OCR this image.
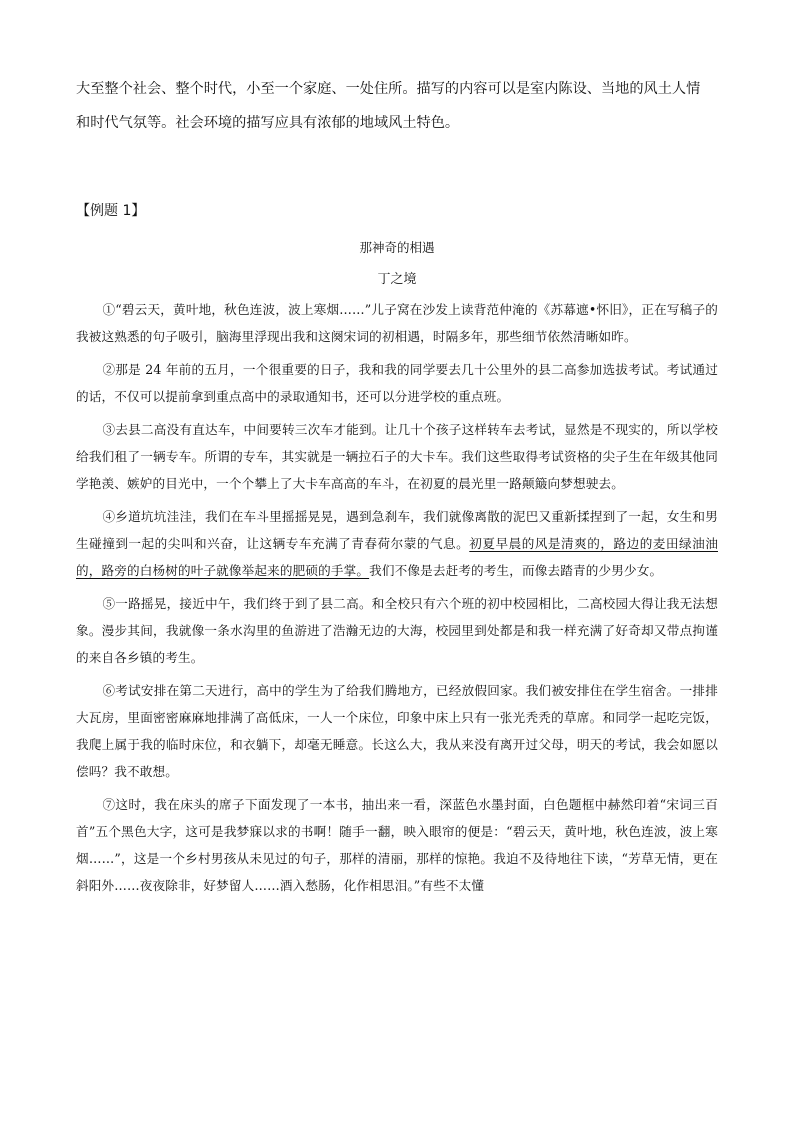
大至整个社会、整个时代，小至一个家庭、一处住所。描写的内容可以是室内陈设、当地的风土人情和时代气氛等。社会环境的描写应具有浓郁的地域风土特色。

【例题 1】

那神奇的相遇

丁之境

①“碧云天，黄叶地，秋色连波，波上寒烟……”儿子窝在沙发上读背范仲淹的《苏幕遮•怀旧》，正在写稿子的我被这熟悉的句子吸引，脑海里浮现出我和这阕宋词的初相遇，时隔多年，那些细节依然清晰如昨。

②那是 24 年前的五月，一个很重要的日子，我和我的同学要去几十公里外的县二高参加选拔考试。考试通过的话，不仅可以提前拿到重点高中的录取通知书，还可以分进学校的重点班。

③去县二高没有直达车，中间要转三次车才能到。让几十个孩子这样转车去考试，显然是不现实的，所以学校给我们租了一辆专车。所谓的专车，其实就是一辆拉石子的大卡车。我们这些取得考试资格的尖子生在年级其他同学艳羡、嫉妒的目光中，一个个攀上了大卡车高高的车斗，在初夏的晨光里一路颠簸向梦想驶去。

④乡道坑坑洼洼，我们在车斗里摇摇晃晃，遇到急刹车，我们就像离散的泥巴又重新揉捏到了一起，女生和男生碰撞到一起的尖叫和兴奋，让这辆专车充满了青春荷尔蒙的气息。初夏早晨的风是清爽的，路边的麦田绿油油的，路旁的白杨树的叶子就像举起来的肥硕的手掌。我们不像是去赶考的考生，而像去踏青的少男少女。

⑤一路摇晃，接近中午，我们终于到了县二高。和全校只有六个班的初中校园相比，二高校园大得让我无法想象。漫步其间，我就像一条水沟里的鱼游进了浩瀚无边的大海，校园里到处都是和我一样充满了好奇却又带点拘谨的来自各乡镇的考生。

⑥考试安排在第二天进行，高中的学生为了给我们腾地方，已经放假回家。我们被安排住在学生宿舍。一排排大瓦房，里面密密麻麻地排满了高低床，一人一个床位，印象中床上只有一张光秃秃的草席。和同学一起吃完饭，我爬上属于我的临时床位，和衣躺下，却毫无睡意。长这么大，我从来没有离开过父母，明天的考试，我会如愿以偿吗？我不敢想。

⑦这时，我在床头的席子下面发现了一本书，抽出来一看，深蓝色水墨封面，白色题框中赫然印着“宋词三百首”五个黑色大字，这可是我梦寐以求的书啊！随手一翻，映入眼帘的便是：“碧云天，黄叶地，秋色连波，波上寒烟……”，这是一个乡村男孩从未见过的句子，那样的清丽，那样的惊艳。我迫不及待地往下读，“芳草无情，更在斜阳外……夜夜除非，好梦留人……酒入愁肠，化作相思泪。”有些不太懂
